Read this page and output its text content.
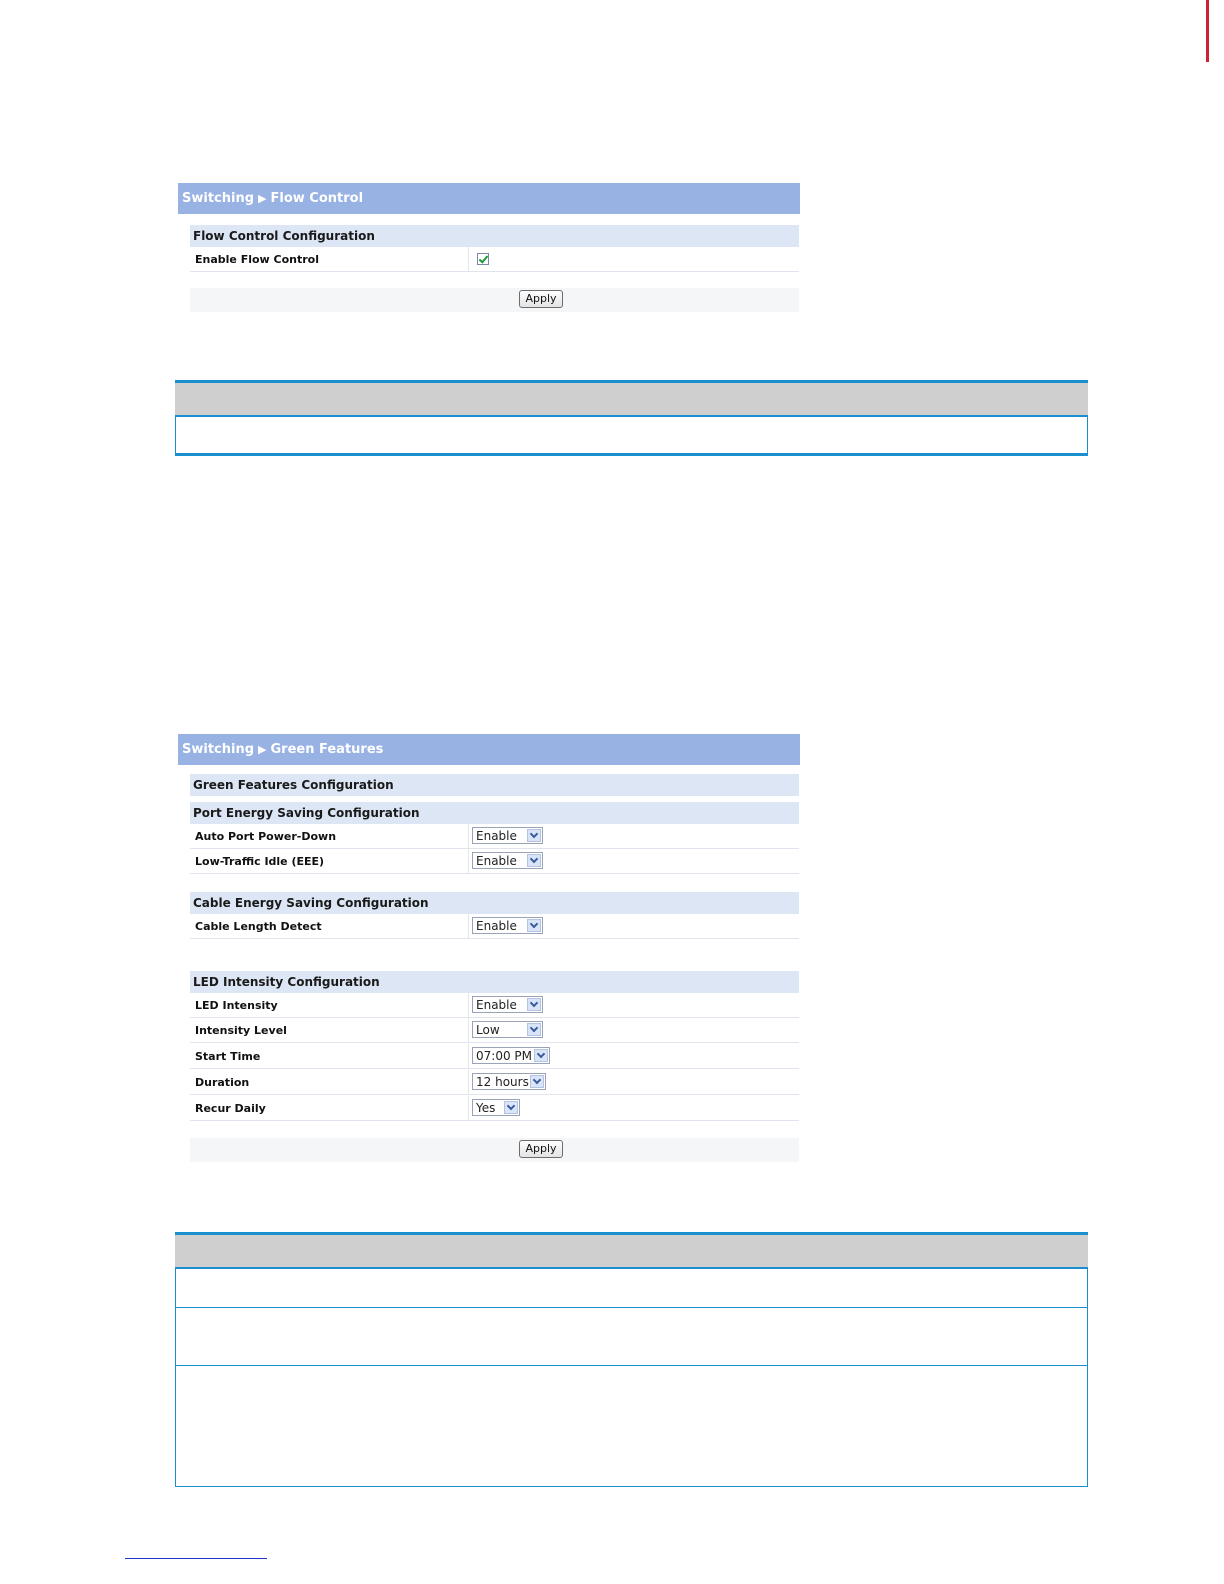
Switching ▶ Flow Control
Flow Control Configuration
Enable Flow Control
Apply
Switching ▶ Green Features
Green Features Configuration
Port Energy Saving Configuration
Auto Port Power-Down	Enable
Low-Traffic Idle (EEE)	Enable
Cable Energy Saving Configuration
Cable Length Detect	Enable
LED Intensity Configuration
LED Intensity	Enable
Intensity Level	Low
Start Time	07:00 PM
Duration	12 hours
Recur Daily	Yes
Apply
